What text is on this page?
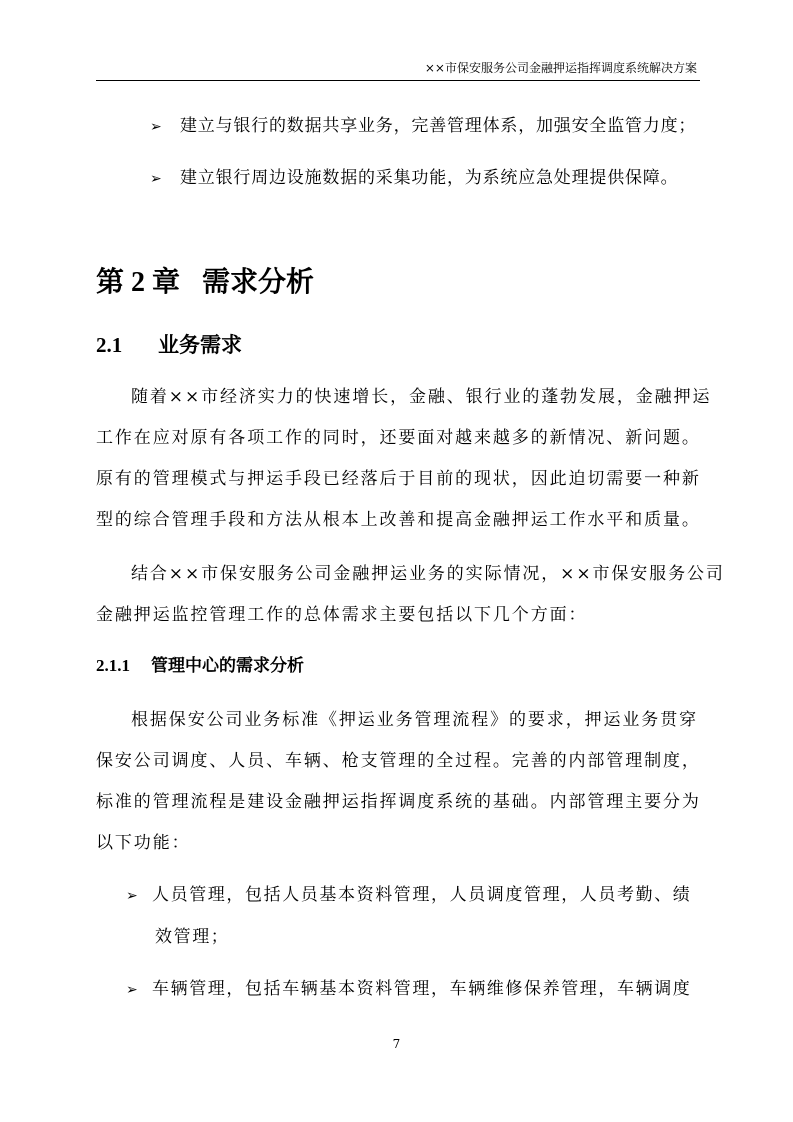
××市保安服务公司金融押运指挥调度系统解决方案
➢ 建立与银行的数据共享业务，完善管理体系，加强安全监管力度；
➢ 建立银行周边设施数据的采集功能，为系统应急处理提供保障。
第 2 章 需求分析
2.1 业务需求
随着××市经济实力的快速增长，金融、银行业的蓬勃发展，金融押运
工作在应对原有各项工作的同时，还要面对越来越多的新情况、新问题。
原有的管理模式与押运手段已经落后于目前的现状，因此迫切需要一种新
型的综合管理手段和方法从根本上改善和提高金融押运工作水平和质量。
结合××市保安服务公司金融押运业务的实际情况，××市保安服务公司
金融押运监控管理工作的总体需求主要包括以下几个方面：
2.1.1 管理中心的需求分析
根据保安公司业务标准《押运业务管理流程》的要求，押运业务贯穿
保安公司调度、人员、车辆、枪支管理的全过程。完善的内部管理制度，
标准的管理流程是建设金融押运指挥调度系统的基础。内部管理主要分为
以下功能：
➢ 人员管理，包括人员基本资料管理，人员调度管理，人员考勤、绩
效管理；
➢ 车辆管理，包括车辆基本资料管理，车辆维修保养管理，车辆调度
7
